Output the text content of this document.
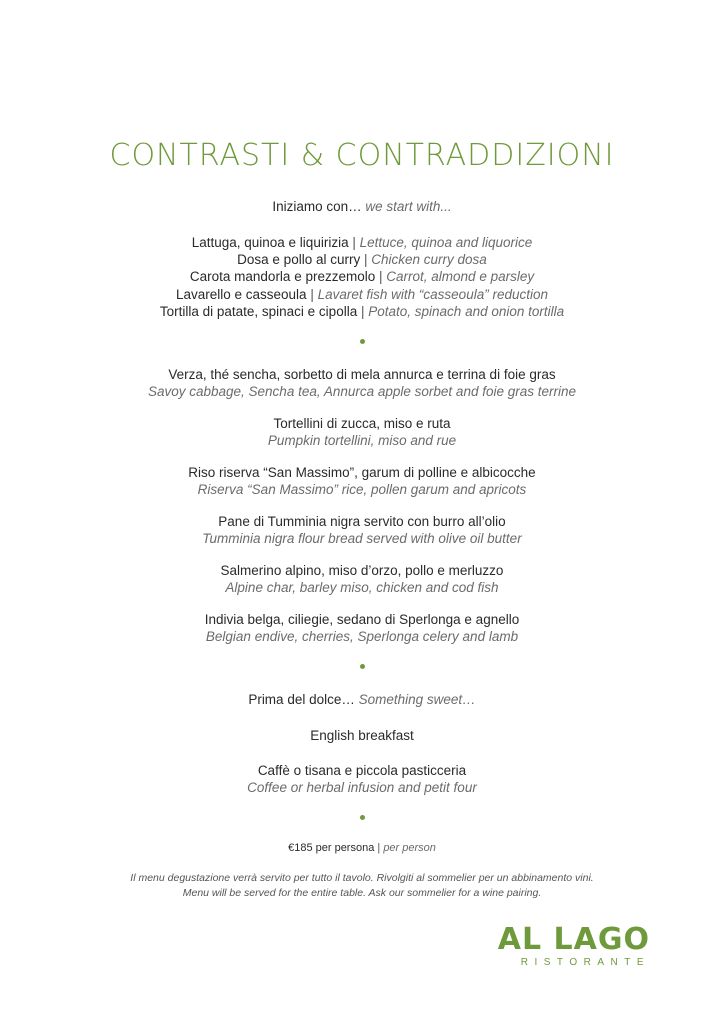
CONTRASTI & CONTRADDIZIONI
Iniziamo con… we start with...
Lattuga, quinoa e liquirizia | Lettuce, quinoa and liquorice
Dosa e pollo al curry | Chicken curry dosa
Carota mandorla e prezzemolo | Carrot, almond e parsley
Lavarello e casseoula | Lavaret fish with “casseoula” reduction
Tortilla di patate, spinaci e cipolla | Potato, spinach and onion tortilla
Verza, thé sencha, sorbetto di mela annurca e terrina di foie gras
Savoy cabbage, Sencha tea, Annurca apple sorbet and foie gras terrine
Tortellini di zucca, miso e ruta
Pumpkin tortellini, miso and rue
Riso riserva “San Massimo”, garum di polline e albicocche
Riserva “San Massimo” rice, pollen garum and apricots
Pane di Tumminia nigra servito con burro all’olio
Tumminia nigra flour bread served with olive oil butter
Salmerino alpino, miso d’orzo, pollo e merluzzo
Alpine char, barley miso, chicken and cod fish
Indivia belga, ciliegie, sedano di Sperlonga e agnello
Belgian endive, cherries, Sperlonga celery and lamb
Prima del dolce… Something sweet…
English breakfast
Caffè o tisana e piccola pasticceria
Coffee or herbal infusion and petit four
€185 per persona | per person
Il menu degustazione verrà servito per tutto il tavolo. Rivolgiti al sommelier per un abbinamento vini.
Menu will be served for the entire table. Ask our sommelier for a wine pairing.
AL LAGO
RISTORANTE
